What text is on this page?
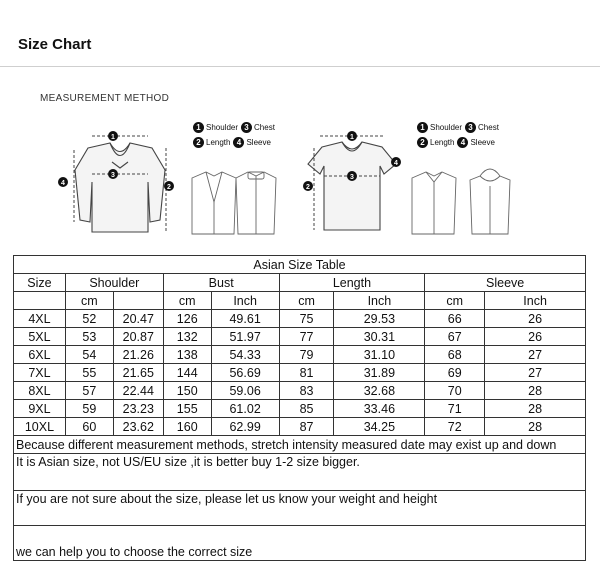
Size Chart
MEASUREMENT METHOD
1
3
2
4
1
3
2
4
1 Shoulder 3 Chest
2 Length 4 Sleeve
1 Shoulder 3 Chest
2 Length 4 Sleeve
Asian Size Table								
Size	Shoulder		Bust		Length		Sleeve	
	cm		cm	Inch	cm	Inch	cm	Inch
4XL	52	20.47	126	49.61	75	29.53	66	26
5XL	53	20.87	132	51.97	77	30.31	67	26
6XL	54	21.26	138	54.33	79	31.10	68	27
7XL	55	21.65	144	56.69	81	31.89	69	27
8XL	57	22.44	150	59.06	83	32.68	70	28
9XL	59	23.23	155	61.02	85	33.46	71	28
10XL	60	23.62	160	62.99	87	34.25	72	28
Because different measurement methods, stretch intensity measured date may exist up and down								
It is Asian size, not US/EU size ,it is better buy 1-2 size bigger.								
If you are not sure about the size, please let us know your weight and height								
we can help you to choose the correct size								
